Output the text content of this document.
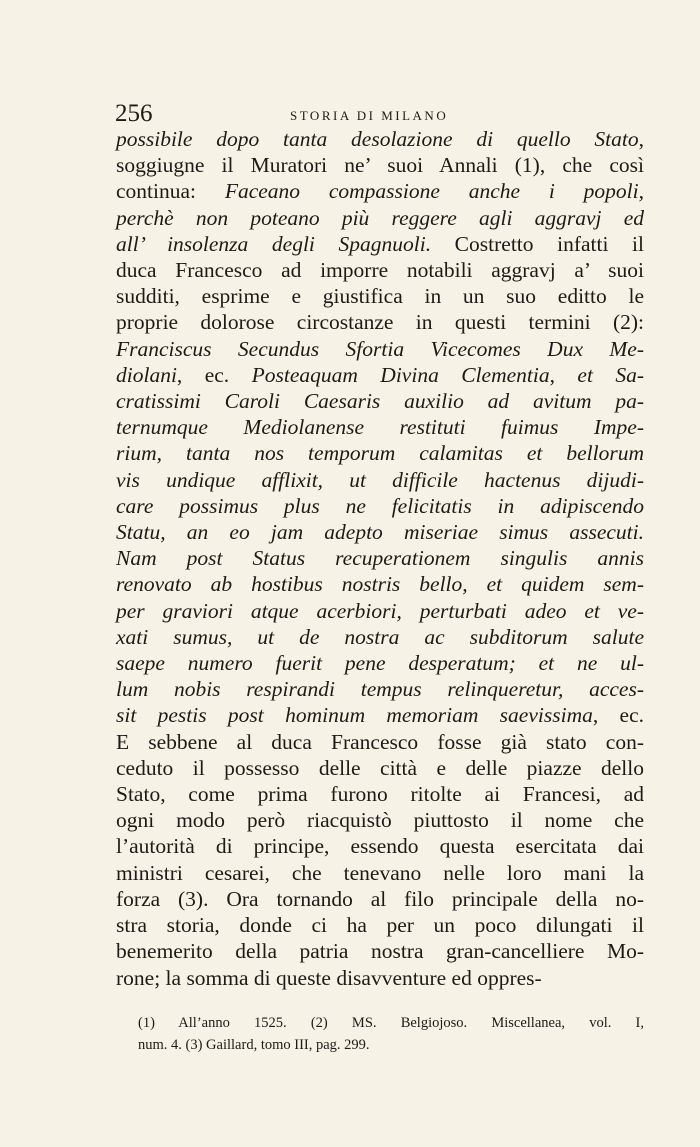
256	STORIA DI MILANO
possibile dopo tanta desolazione di quello Stato,
soggiugne il Muratori ne’ suoi Annali (1), che così
continua: Faceano compassione anche i popoli,
perchè non poteano più reggere agli aggravj ed
all’ insolenza degli Spagnuoli. Costretto infatti il
duca Francesco ad imporre notabili aggravj a’ suoi
sudditi, esprime e giustifica in un suo editto le
proprie dolorose circostanze in questi termini (2):
Franciscus Secundus Sfortia Vicecomes Dux Me-
diolani, ec. Posteaquam Divina Clementia, et Sa-
cratissimi Caroli Caesaris auxilio ad avitum pa-
ternumque Mediolanense restituti fuimus Impe-
rium, tanta nos temporum calamitas et bellorum
vis undique afflixit, ut difficile hactenus dijudi-
care possimus plus ne felicitatis in adipiscendo
Statu, an eo jam adepto miseriae simus assecuti.
Nam post Status recuperationem singulis annis
renovato ab hostibus nostris bello, et quidem sem-
per graviori atque acerbiori, perturbati adeo et ve-
xati sumus, ut de nostra ac subditorum salute
saepe numero fuerit pene desperatum; et ne ul-
lum nobis respirandi tempus relinqueretur, acces-
sit pestis post hominum memoriam saevissima, ec.
E sebbene al duca Francesco fosse già stato con-
ceduto il possesso delle città e delle piazze dello
Stato, come prima furono ritolte ai Francesi, ad
ogni modo però riacquistò piuttosto il nome che
l’autorità di principe, essendo questa esercitata dai
ministri cesarei, che tenevano nelle loro mani la
forza (3). Ora tornando al filo principale della no-
stra storia, donde ci ha per un poco dilungati il
benemerito della patria nostra gran-cancelliere Mo-
rone; la somma di queste disavventure ed oppres-
(1) All’anno 1525. (2) MS. Belgiojoso. Miscellanea, vol. I,
num. 4. (3) Gaillard, tomo III, pag. 299.
